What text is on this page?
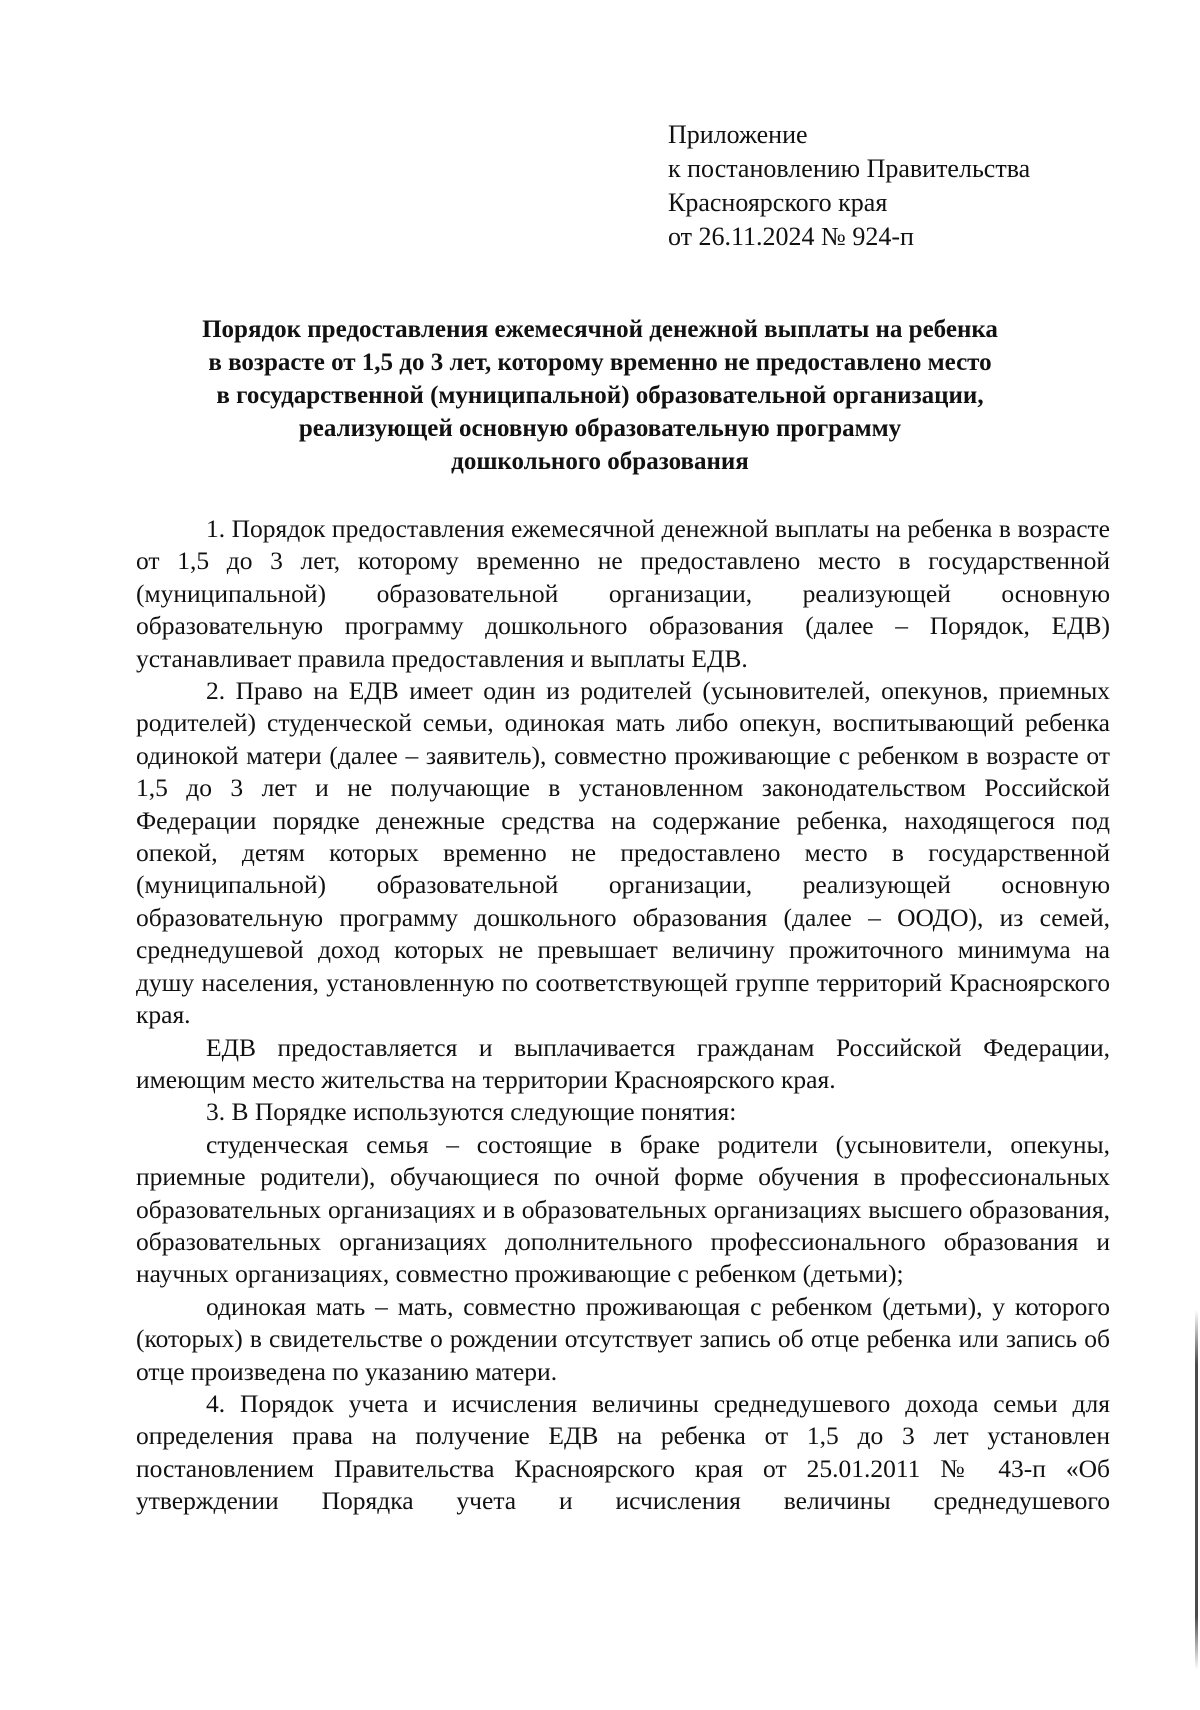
Приложение
к постановлению Правительства
Красноярского края
от 26.11.2024 № 924-п
Порядок предоставления ежемесячной денежной выплаты на ребенка
в возрасте от 1,5 до 3 лет, которому временно не предоставлено место
в государственной (муниципальной) образовательной организации,
реализующей основную образовательную программу
дошкольного образования

1. Порядок предоставления ежемесячной денежной выплаты на ребенка в возрасте от 1,5 до 3 лет, которому временно не предоставлено место в государственной (муниципальной) образовательной организации, реализующей основную образовательную программу дошкольного образования (далее – Порядок, ЕДВ) устанавливает правила предоставления и выплаты ЕДВ.

2. Право на ЕДВ имеет один из родителей (усыновителей, опекунов, приемных родителей) студенческой семьи, одинокая мать либо опекун, воспитывающий ребенка одинокой матери (далее – заявитель), совместно проживающие с ребенком в возрасте от 1,5 до 3 лет и не получающие в установленном законодательством Российской Федерации порядке денежные средства на содержание ребенка, находящегося под опекой, детям которых временно не предоставлено место в государственной (муниципальной) образовательной организации, реализующей основную образовательную программу дошкольного образования (далее – ООДО), из семей, среднедушевой доход которых не превышает величину прожиточного минимума на душу населения, установленную по соответствующей группе территорий Красноярского края.

ЕДВ предоставляется и выплачивается гражданам Российской Федерации, имеющим место жительства на территории Красноярского края.

3. В Порядке используются следующие понятия:

студенческая семья – состоящие в браке родители (усыновители, опекуны, приемные родители), обучающиеся по очной форме обучения в профессиональных образовательных организациях и в образовательных организациях высшего образования, образовательных организациях дополнительного профессионального образования и научных организациях, совместно проживающие с ребенком (детьми);

одинокая мать – мать, совместно проживающая с ребенком (детьми), у которого (которых) в свидетельстве о рождении отсутствует запись об отце ребенка или запись об отце произведена по указанию матери.

4. Порядок учета и исчисления величины среднедушевого дохода семьи для определения права на получение ЕДВ на ребенка от 1,5 до 3 лет установлен постановлением Правительства Красноярского края от 25.01.2011 № 43-п «Об утверждении Порядка учета и исчисления величины среднедушевого
